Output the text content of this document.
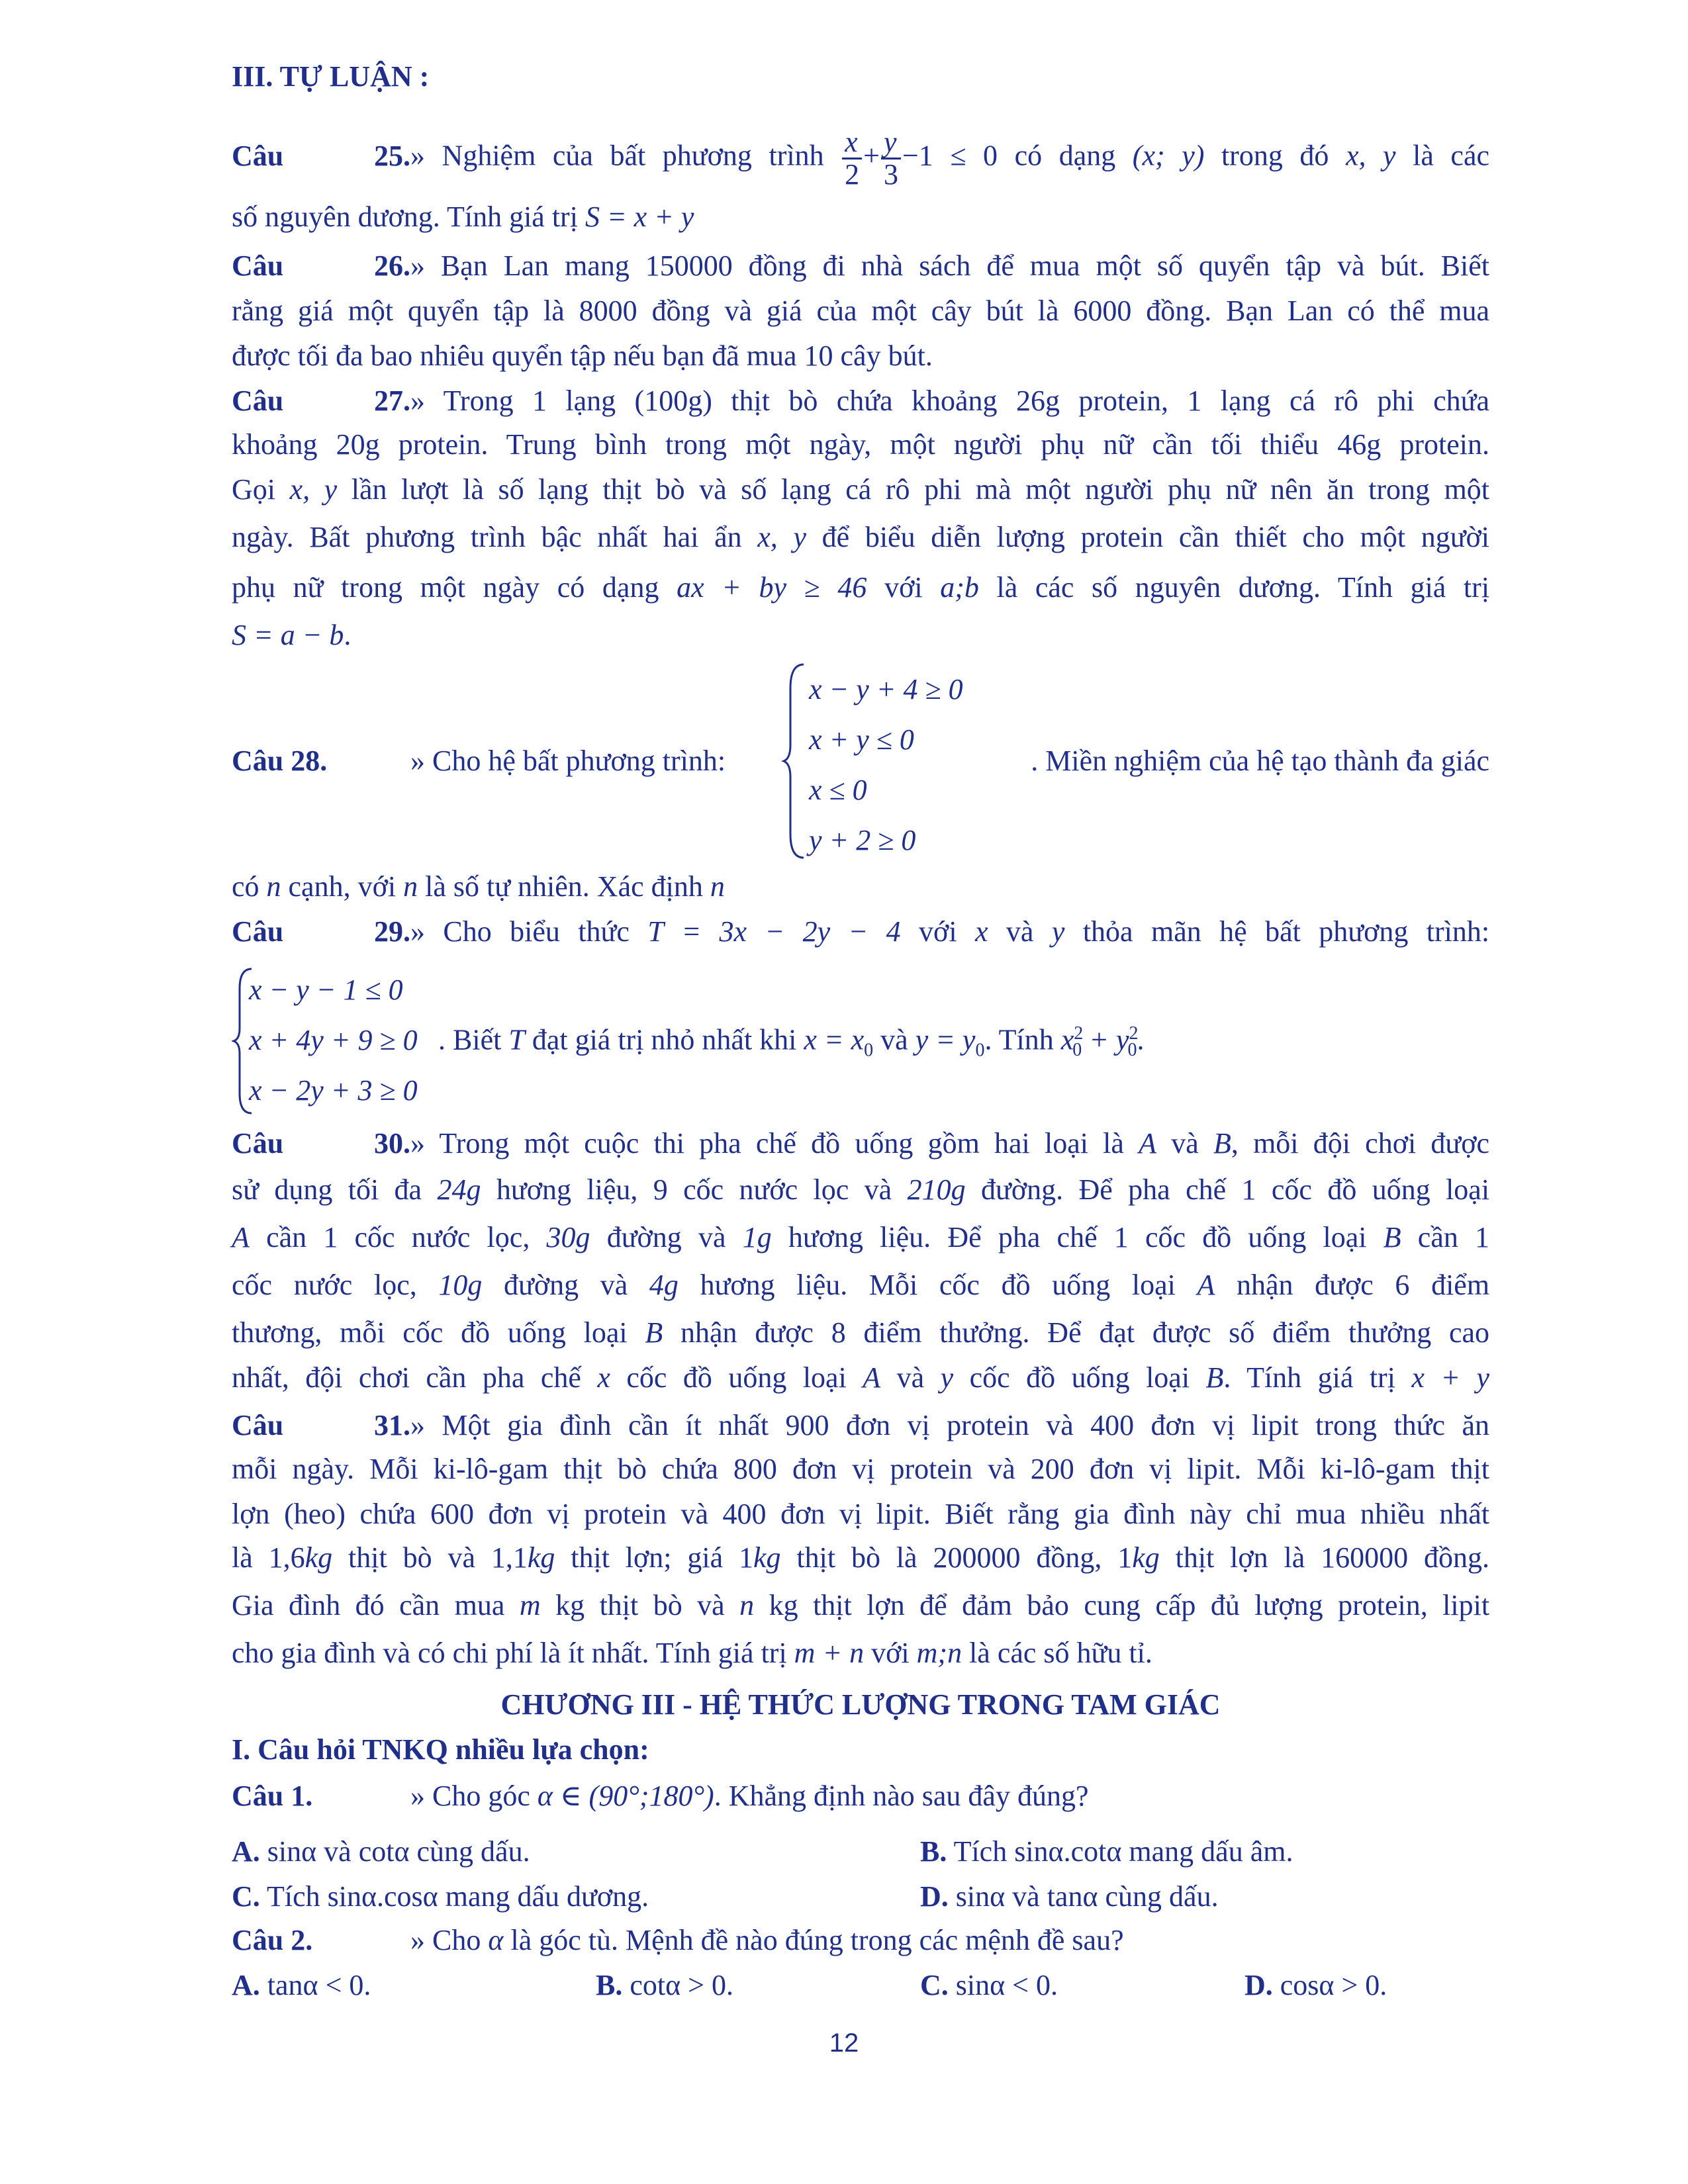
III. TỰ LUẬN :
Câu 25.» Nghiệm của bất phương trình $\frac{x}{2} + \frac{y}{3} -1 \le 0$ có dạng (x; y) trong đó x, y là các
số nguyên dương. Tính giá trị S = x + y
Câu 26.» Bạn Lan mang 150000 đồng đi nhà sách để mua một số quyển tập và bút. Biết
rằng giá một quyển tập là 8000 đồng và giá của một cây bút là 6000 đồng. Bạn Lan có thể mua
được tối đa bao nhiêu quyển tập nếu bạn đã mua 10 cây bút.
Câu 27.» Trong 1 lạng (100g) thịt bò chứa khoảng 26g protein, 1 lạng cá rô phi chứa
khoảng 20g protein. Trung bình trong một ngày, một người phụ nữ cần tối thiểu 46g protein.
Gọi x, y lần lượt là số lạng thịt bò và số lạng cá rô phi mà một người phụ nữ nên ăn trong một
ngày. Bất phương trình bậc nhất hai ẩn x, y để biểu diễn lượng protein cần thiết cho một người
phụ nữ trong một ngày có dạng ax + by ≥ 46 với a;b là các số nguyên dương. Tính giá trị
S = a − b.
Câu 28.	» Cho hệ bất phương trình:
x − y + 4 ≥ 0
x + y ≤ 0
x ≤ 0
y + 2 ≥ 0
. Miền nghiệm của hệ tạo thành đa giác
có n cạnh, với n là số tự nhiên. Xác định n
Câu 29.» Cho biểu thức T = 3x − 2y − 4 với x và y thỏa mãn hệ bất phương trình:
x − y − 1 ≤ 0
x + 4y + 9 ≥ 0
x − 2y + 3 ≥ 0
. Biết T đạt giá trị nhỏ nhất khi $x = x_0$ và $y = y_0$. Tính $x^2_0 + y^2_0$.
Câu 30.» Trong một cuộc thi pha chế đồ uống gồm hai loại là A và B, mỗi đội chơi được
sử dụng tối đa 24g hương liệu, 9 cốc nước lọc và 210g đường. Để pha chế 1 cốc đồ uống loại
A cần 1 cốc nước lọc, 30g đường và 1g hương liệu. Để pha chế 1 cốc đồ uống loại B cần 1
cốc nước lọc, 10g đường và 4g hương liệu. Mỗi cốc đồ uống loại A nhận được 6 điểm
thương, mỗi cốc đồ uống loại B nhận được 8 điểm thưởng. Để đạt được số điểm thưởng cao
nhất, đội chơi cần pha chế x cốc đồ uống loại A và y cốc đồ uống loại B. Tính giá trị x + y
Câu 31.» Một gia đình cần ít nhất 900 đơn vị protein và 400 đơn vị lipit trong thức ăn
mỗi ngày. Mỗi ki-lô-gam thịt bò chứa 800 đơn vị protein và 200 đơn vị lipit. Mỗi ki-lô-gam thịt
lợn (heo) chứa 600 đơn vị protein và 400 đơn vị lipit. Biết rằng gia đình này chỉ mua nhiều nhất
là 1,6kg thịt bò và 1,1kg thịt lợn; giá 1kg thịt bò là 200000 đồng, 1kg thịt lợn là 160000 đồng.
Gia đình đó cần mua m kg thịt bò và n kg thịt lợn để đảm bảo cung cấp đủ lượng protein, lipit
cho gia đình và có chi phí là ít nhất. Tính giá trị m + n với m;n là các số hữu tỉ.
CHƯƠNG III - HỆ THỨC LƯỢNG TRONG TAM GIÁC
I. Câu hỏi TNKQ nhiều lựa chọn:
Câu 1.	» Cho góc α ∈ (90°;180°). Khẳng định nào sau đây đúng?
A. sinα và cotα cùng dấu.	B. Tích sinα.cotα mang dấu âm.
C. Tích sinα.cosα mang dấu dương.	D. sinα và tanα cùng dấu.
Câu 2.	» Cho α là góc tù. Mệnh đề nào đúng trong các mệnh đề sau?
A. tanα < 0.	B. cotα > 0.	C. sinα < 0.	D. cosα > 0.
12
